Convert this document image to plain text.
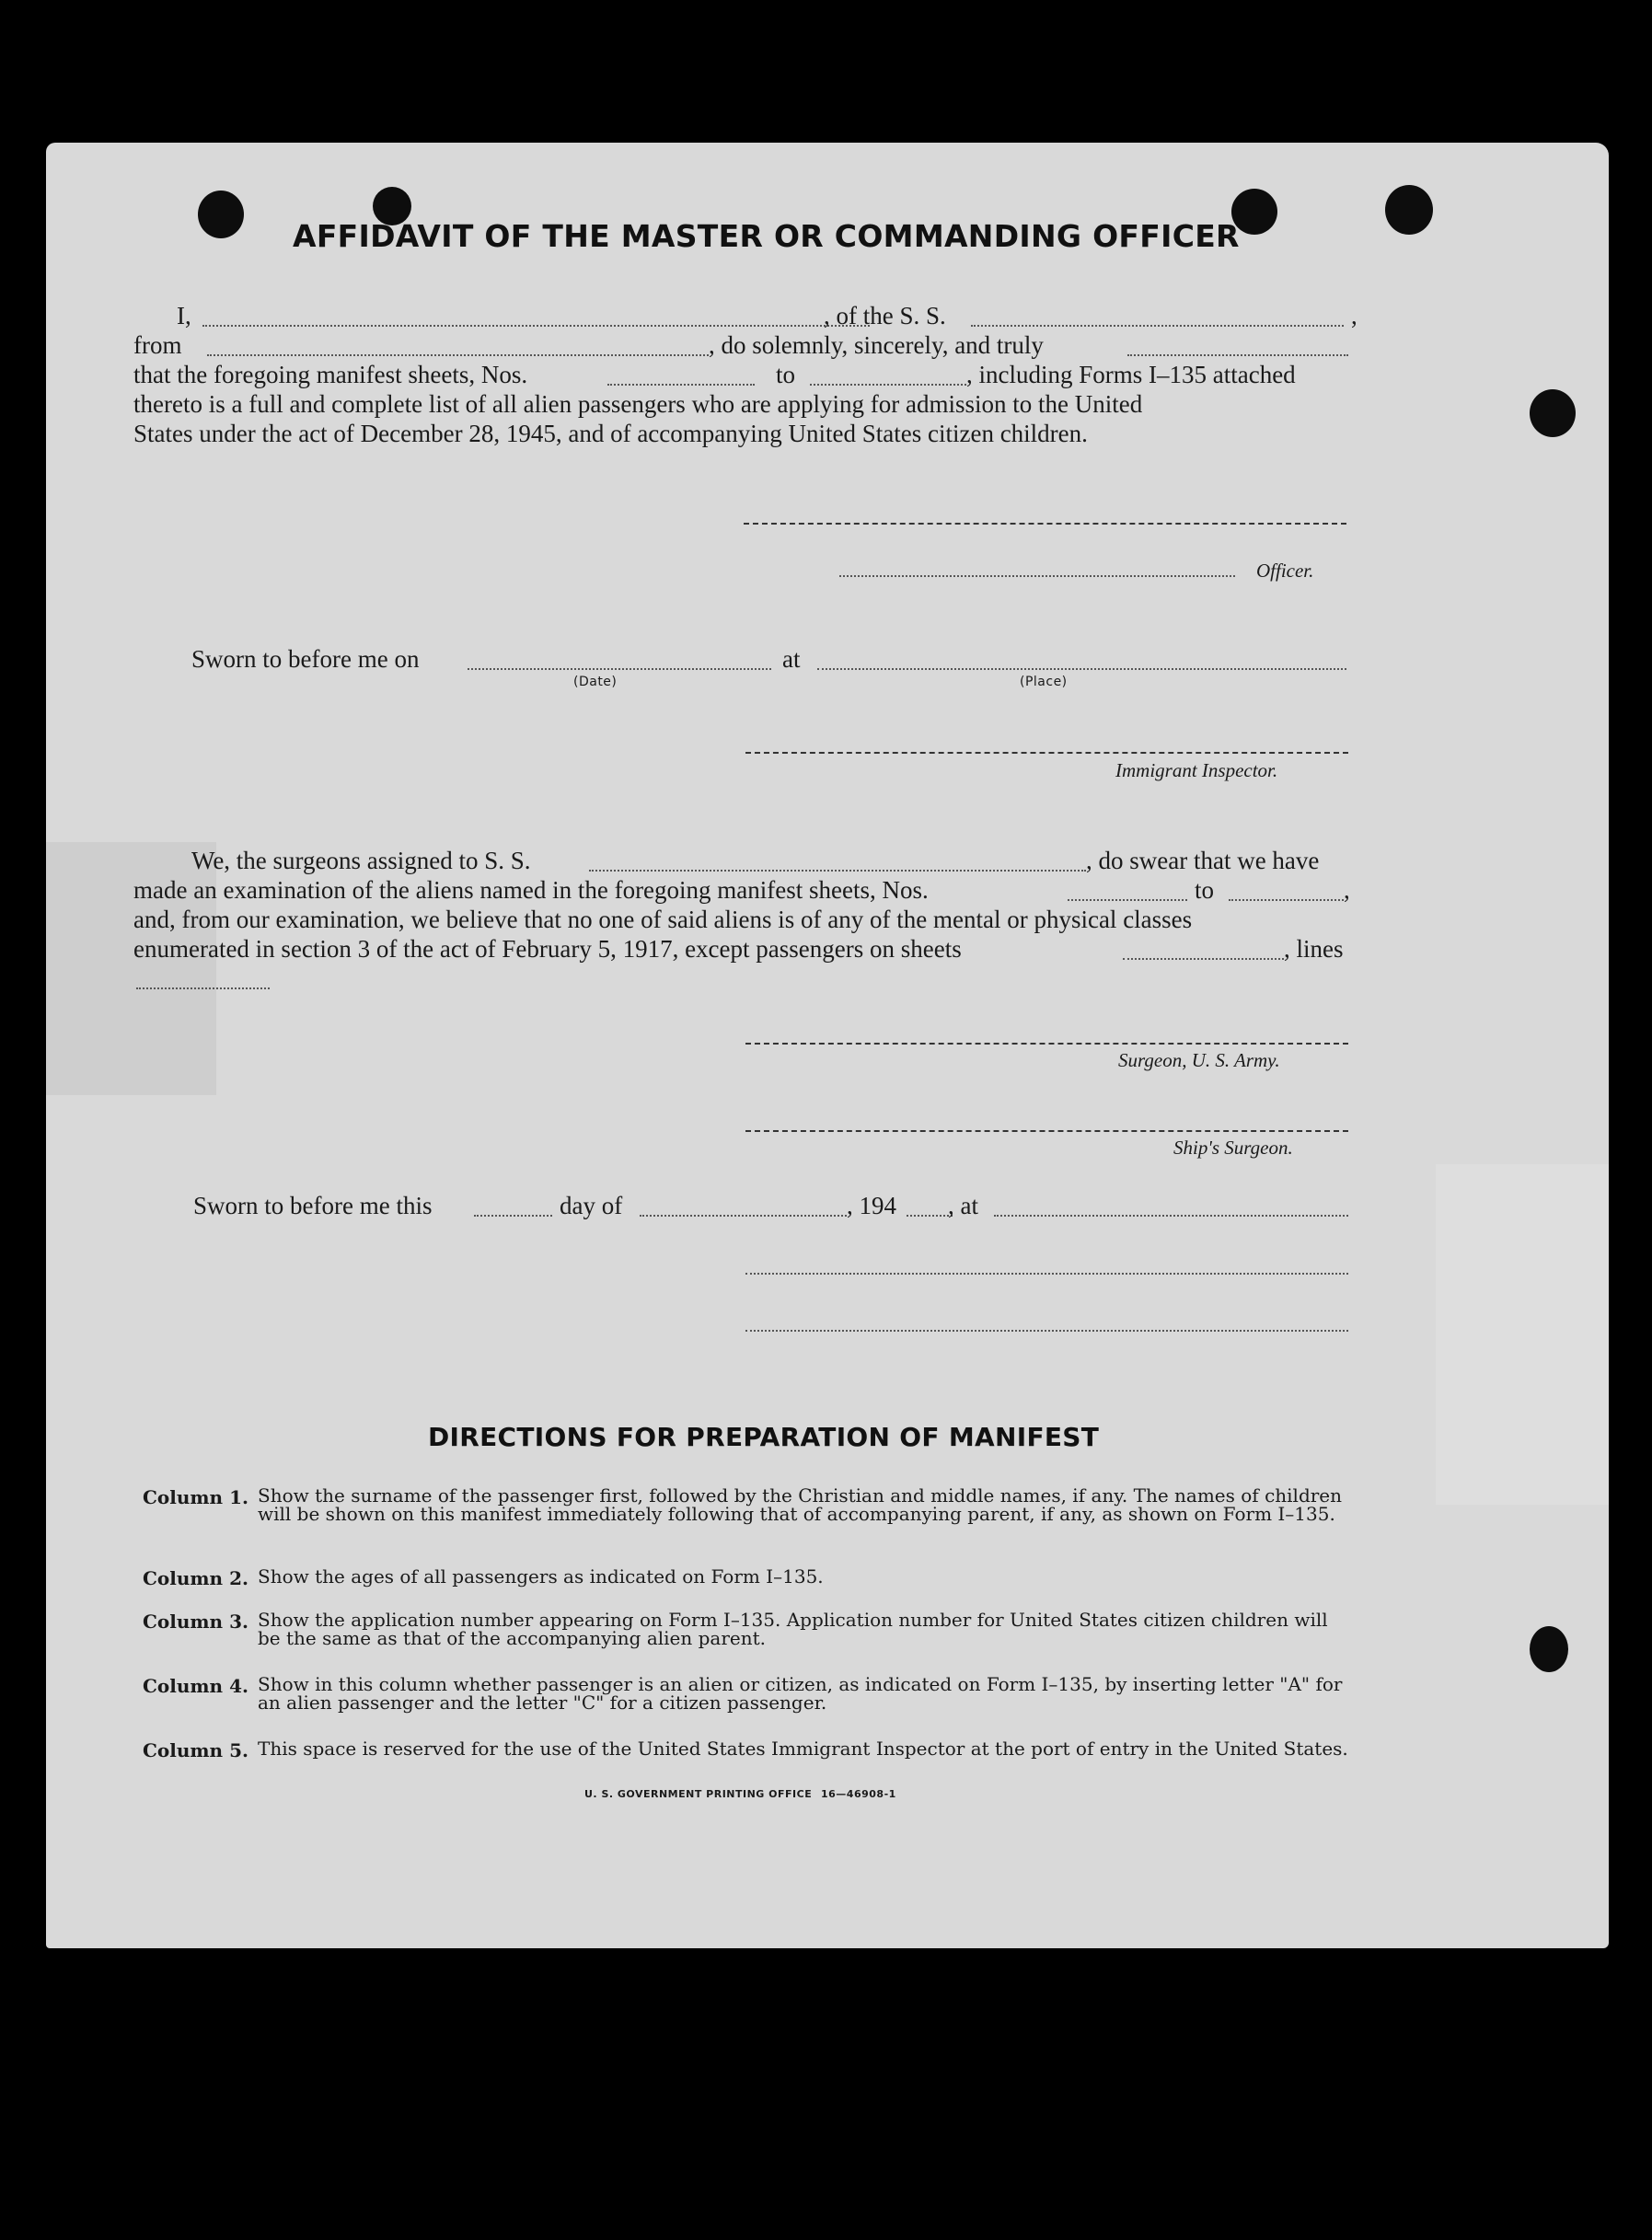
AFFIDAVIT OF THE MASTER OR COMMANDING OFFICER
I,	, of the S. S.	,
from	, do solemnly, sincerely, and truly
that the foregoing manifest sheets, Nos.	to	, including Forms I–135 attached
thereto is a full and complete list of all alien passengers who are applying for admission to the United
States under the act of December 28, 1945, and of accompanying United States citizen children.
Officer.
Sworn to before me on	at
(Date)	(Place)
Immigrant Inspector.
We, the surgeons assigned to S. S.	, do swear that we have
made an examination of the aliens named in the foregoing manifest sheets, Nos.	to	,
and, from our examination, we believe that no one of said aliens is of any of the mental or physical classes
enumerated in section 3 of the act of February 5, 1917, except passengers on sheets	, lines
Surgeon, U. S. Army.
Ship's Surgeon.
Sworn to before me this	day of	, 194 , at
DIRECTIONS FOR PREPARATION OF MANIFEST
Column 1. Show the surname of the passenger first, followed by the Christian and middle names, if any. The names of children will be shown on this manifest immediately following that of accompanying parent, if any, as shown on Form I–135.
Column 2. Show the ages of all passengers as indicated on Form I–135.
Column 3. Show the application number appearing on Form I–135. Application number for United States citizen children will be the same as that of the accompanying alien parent.
Column 4. Show in this column whether passenger is an alien or citizen, as indicated on Form I–135, by inserting letter "A" for an alien passenger and the letter "C" for a citizen passenger.
Column 5. This space is reserved for the use of the United States Immigrant Inspector at the port of entry in the United States.
U. S. GOVERNMENT PRINTING OFFICE 16—46908-1
